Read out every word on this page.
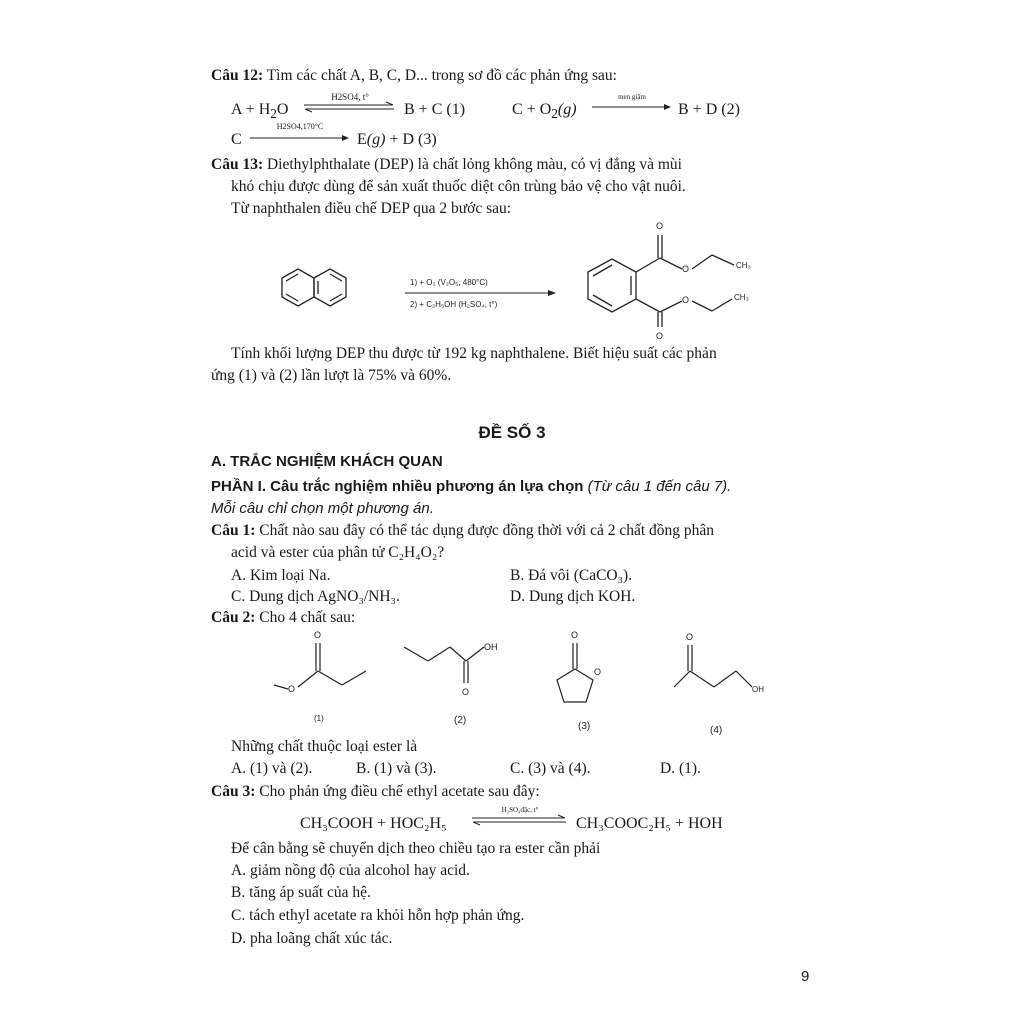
Câu 12: Tìm các chất A, B, C, D... trong sơ đồ các phản ứng sau:
$A + H_2O$
H2SO4, t°
B + C (1)	$C + O_2(g)$
men giấm
B + D (2)
C
H2SO4,170°C
E(g) + D (3)
Câu 13: Diethylphthalate (DEP) là chất lỏng không màu, có vị đắng và mùi
khó chịu được dùng để sản xuất thuốc diệt côn trùng bảo vệ cho vật nuôi.
Từ naphthalen điều chế DEP qua 2 bước sau:
1) + O₂ (V₂O₅, 480°C)
2) + C₂H₅OH (H₂SO₄, t°)
O
O	CH₃
O	CH₃
O
Tính khối lượng DEP thu được từ 192 kg naphthalene. Biết hiệu suất các phản
ứng (1) và (2) lần lượt là 75% và 60%.
ĐỀ SỐ 3
A. TRẮC NGHIỆM KHÁCH QUAN
PHẦN I. Câu trắc nghiệm nhiều phương án lựa chọn (Từ câu 1 đến câu 7).
Mỗi câu chỉ chọn một phương án.
Câu 1: Chất nào sau đây có thể tác dụng được đồng thời với cả 2 chất đồng phân
acid và ester của phân tử C₂H₄O₂?
A. Kim loại Na.	B. Đá vôi (CaCO₃).
C. Dung dịch AgNO₃/NH₃.	D. Dung dịch KOH.
Câu 2: Cho 4 chất sau:
O
O
OH
O
O
O
O
OH
(1)	(2)
(3)	(4)
Những chất thuộc loại ester là
A. (1) và (2).	B. (1) và (3).	C. (3) và (4).	D. (1).
Câu 3: Cho phản ứng điều chế ethyl acetate sau đây:
CH₃COOH + HOC₂H₅
H₂SO₄đặc, t°
CH₃COOC₂H₅ + HOH
Để cân bằng sẽ chuyển dịch theo chiều tạo ra ester cần phải
A. giảm nồng độ của alcohol hay acid.
B. tăng áp suất của hệ.
C. tách ethyl acetate ra khỏi hỗn hợp phản ứng.
D. pha loãng chất xúc tác.
9
